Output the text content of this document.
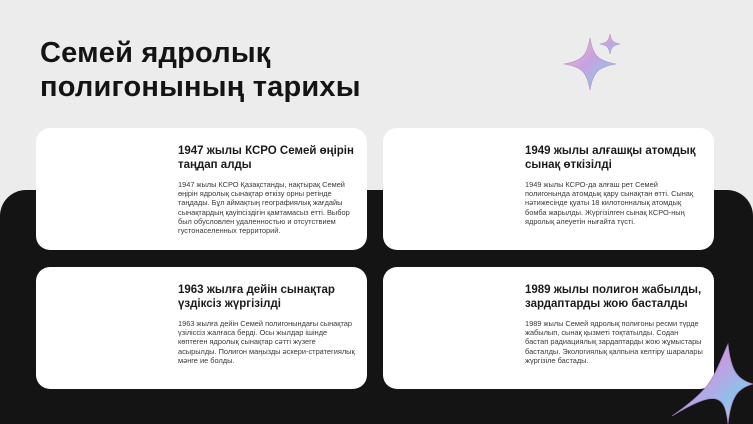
Семей ядролық
полигонының тарихы
1947 жылы КСРО Семей өңірін таңдап алды

1947 жылы КСРО Қазақстанды, нақтырақ Семей өңірін ядролық сынақтар өткізу орны ретінде таңдады. Бұл аймақтың географиялық жағдайы сынақтардың қауіпсіздігін қамтамасыз етті. Выбор был обусловлен удаленностью и отсутствием густонаселенных территорий.

1949 жылы алғашқы атомдық сынақ өткізілді

1949 жылы КСРО-да алғаш рет Семей полигонында атомдық қару сынақтан өтті. Сынақ нәтижесінде қуаты 18 килотонналық атомдық бомба жарылды. Жүргізілген сынақ КСРО-ның ядролық әлеуетін нығайта түсті.

1963 жылға дейін сынақтар үздіксіз жүргізілді

1963 жылға дейін Семей полигонындағы сынақтар үзіліссіз жалғаса берді. Осы жылдар ішінде көптеген ядролық сынақтар сәтті жүзеге асырылды. Полигон маңызды әскери-стратегиялық мәнге ие болды.

1989 жылы полигон жабылды, зардаптарды жою басталды

1989 жылы Семей ядролық полигоны ресми түрде жабылып, сынақ қызметі тоқтатылды. Содан бастап радиациялық зардаптарды жою жұмыстары басталды. Экологиялық қалпына келтіру шаралары жүргізіле бастады.
